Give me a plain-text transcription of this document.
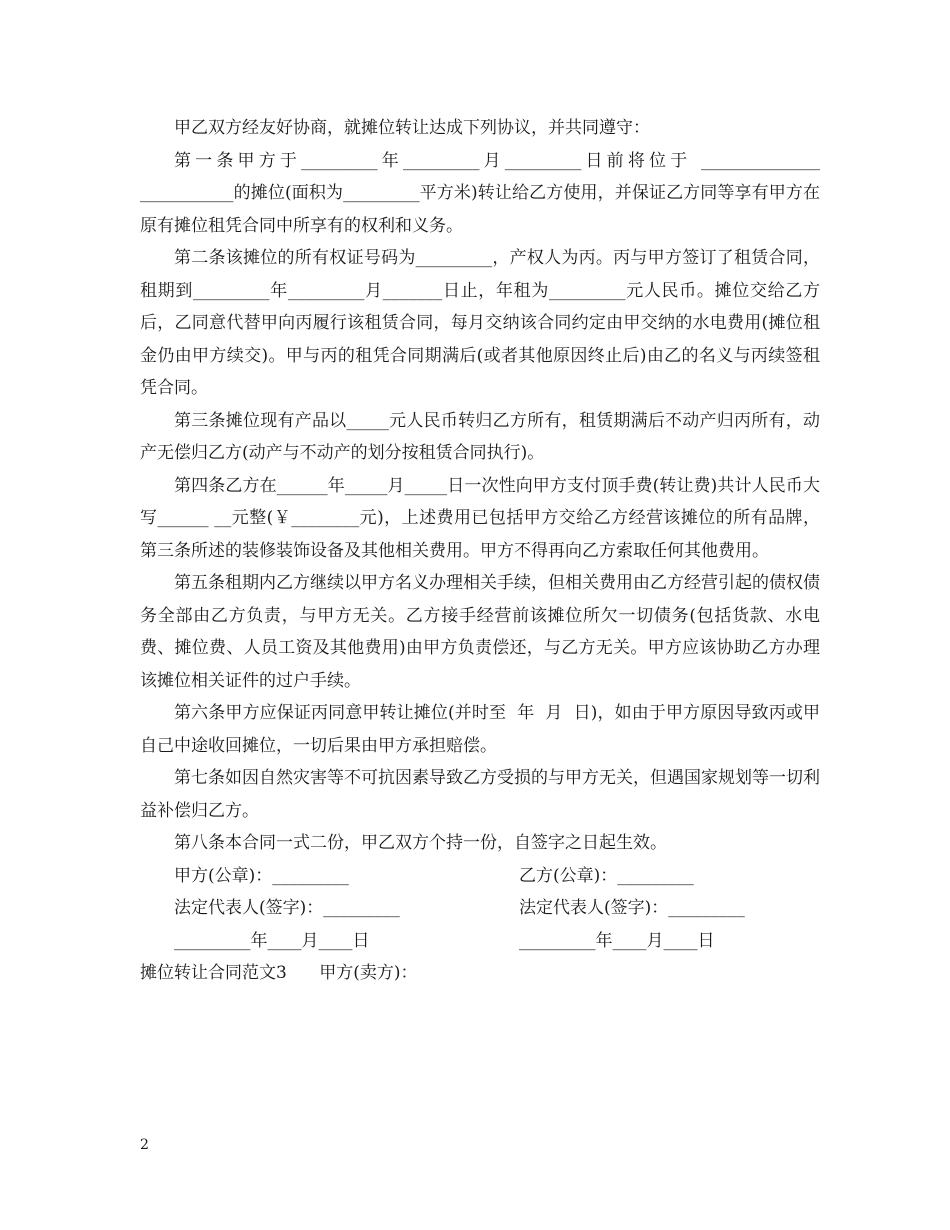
甲乙双方经友好协商，就摊位转让达成下列协议，并共同遵守：

第一条甲方于_________年_________月_________日前将位于 ______________ ___________的摊位(面积为_________平方米)转让给乙方使用，并保证乙方同等享有甲方在原有摊位租凭合同中所享有的权利和义务。

第二条该摊位的所有权证号码为_________，产权人为丙。丙与甲方签订了租赁合同，租期到_________年_________月_______日止，年租为_________元人民币。摊位交给乙方后，乙同意代替甲向丙履行该租赁合同，每月交纳该合同约定由甲交纳的水电费用(摊位租金仍由甲方续交)。甲与丙的租凭合同期满后(或者其他原因终止后)由乙的名义与丙续签租凭合同。

第三条摊位现有产品以_____元人民币转归乙方所有，租赁期满后不动产归丙所有，动产无偿归乙方(动产与不动产的划分按租赁合同执行)。

第四条乙方在______年_____月_____日一次性向甲方支付顶手费(转让费)共计人民币大写______ __元整(￥________元)，上述费用已包括甲方交给乙方经营该摊位的所有品牌，第三条所述的装修装饰设备及其他相关费用。甲方不得再向乙方索取任何其他费用。

第五条租期内乙方继续以甲方名义办理相关手续，但相关费用由乙方经营引起的债权债务全部由乙方负责，与甲方无关。乙方接手经营前该摊位所欠一切债务(包括货款、水电费、摊位费、人员工资及其他费用)由甲方负责偿还，与乙方无关。甲方应该协助乙方办理该摊位相关证件的过户手续。

第六条甲方应保证丙同意甲转让摊位(并时至  年  月  日)，如由于甲方原因导致丙或甲自己中途收回摊位，一切后果由甲方承担赔偿。

第七条如因自然灾害等不可抗因素导致乙方受损的与甲方无关，但遇国家规划等一切利益补偿归乙方。

第八条本合同一式二份，甲乙双方个持一份，自签字之日起生效。

甲方(公章)：_________	乙方(公章)：_________
法定代表人(签字)：_________	法定代表人(签字)：_________
_________年____月____日	_________年____月____日
摊位转让合同范文3      甲方(卖方)：
2
